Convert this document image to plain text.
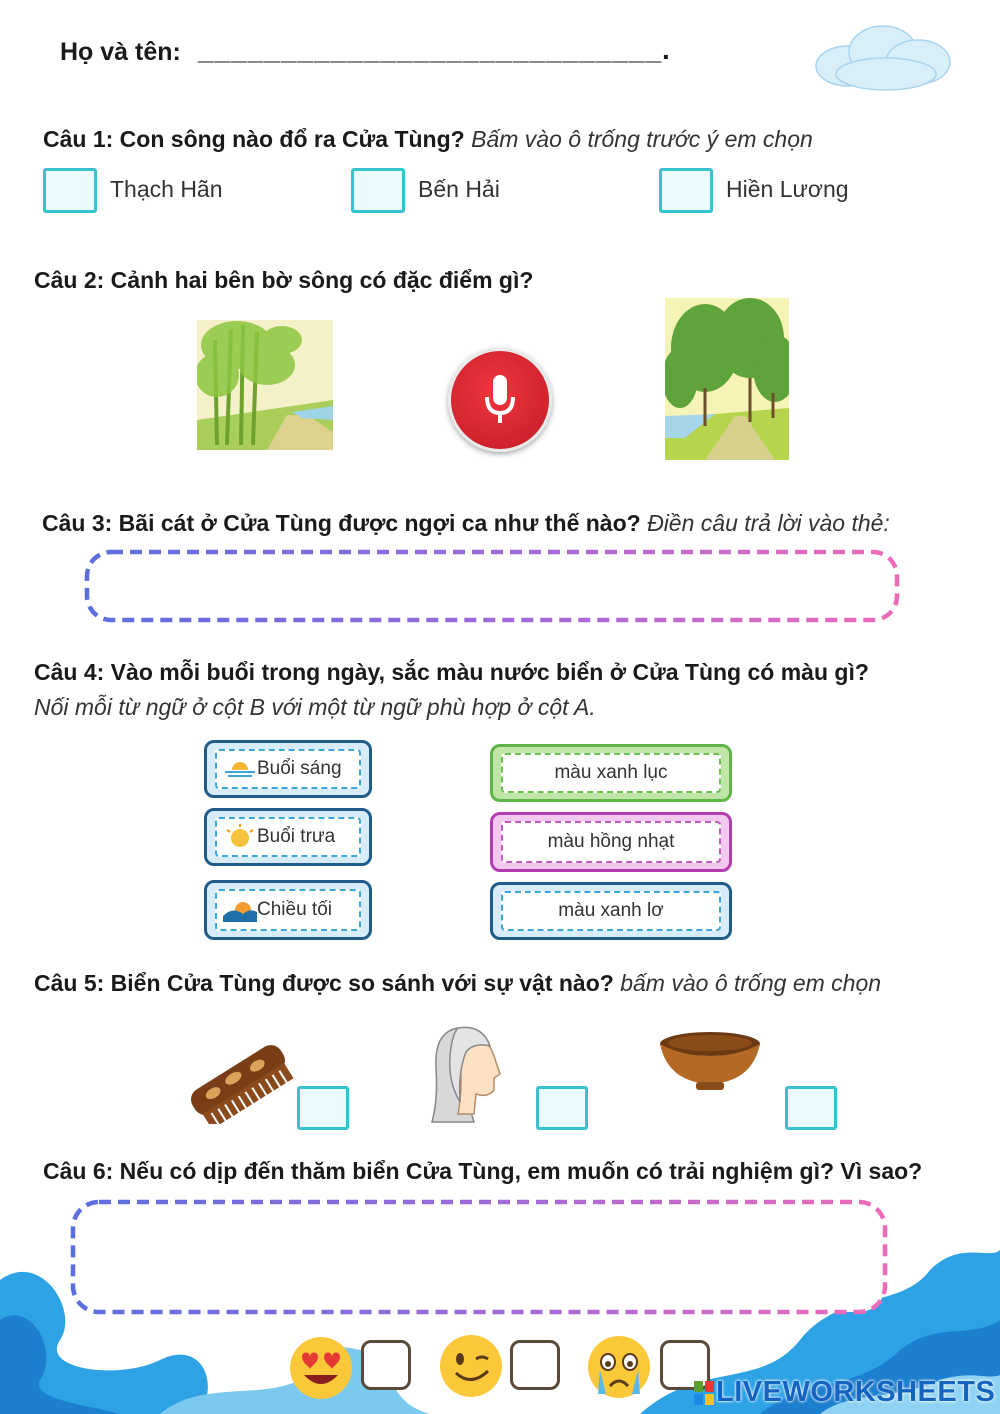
Họ và tên: ____________________________.
Câu 1: Con sông nào đổ ra Cửa Tùng? Bấm vào ô trống trước ý em chọn
Thạch Hãn	Bến Hải	Hiền Lương
Câu 2: Cảnh hai bên bờ sông có đặc điểm gì?
Câu 3: Bãi cát ở Cửa Tùng được ngợi ca như thế nào? Điền câu trả lời vào thẻ:
Câu 4: Vào mỗi buổi trong ngày, sắc màu nước biển ở Cửa Tùng có màu gì?
Nối mỗi từ ngữ ở cột B với một từ ngữ phù hợp ở cột A.
Buổi sáng
Buổi trưa
Chiều tối
màu xanh lục
màu hồng nhạt
màu xanh lơ
Câu 5: Biển Cửa Tùng được so sánh với sự vật nào? bấm vào ô trống em chọn
Câu 6: Nếu có dịp đến thăm biển Cửa Tùng, em muốn có trải nghiệm gì? Vì sao?
LIVEWORKSHEETS
